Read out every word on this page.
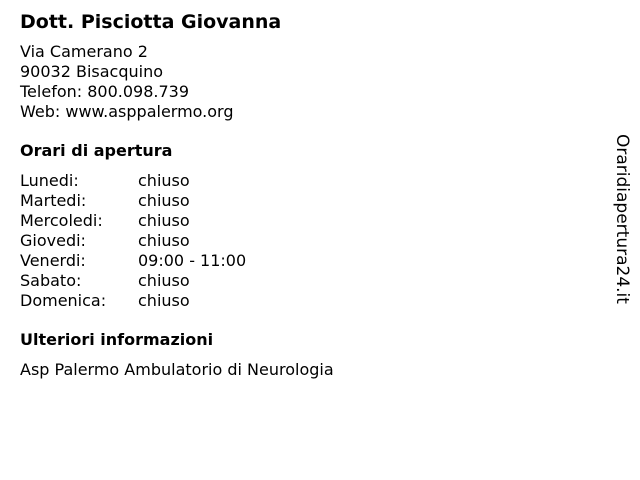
Dott. Pisciotta Giovanna
Via Camerano 2
90032 Bisacquino
Telefon: 800.098.739
Web: www.asppalermo.org
Orari di apertura
Lunedi:	chiuso
Martedi:	chiuso
Mercoledi:	chiuso
Giovedi:	chiuso
Venerdi:	09:00 - 11:00
Sabato:	chiuso
Domenica:	chiuso
Ulteriori informazioni
Asp Palermo Ambulatorio di Neurologia
Oraridiapertura24.it
